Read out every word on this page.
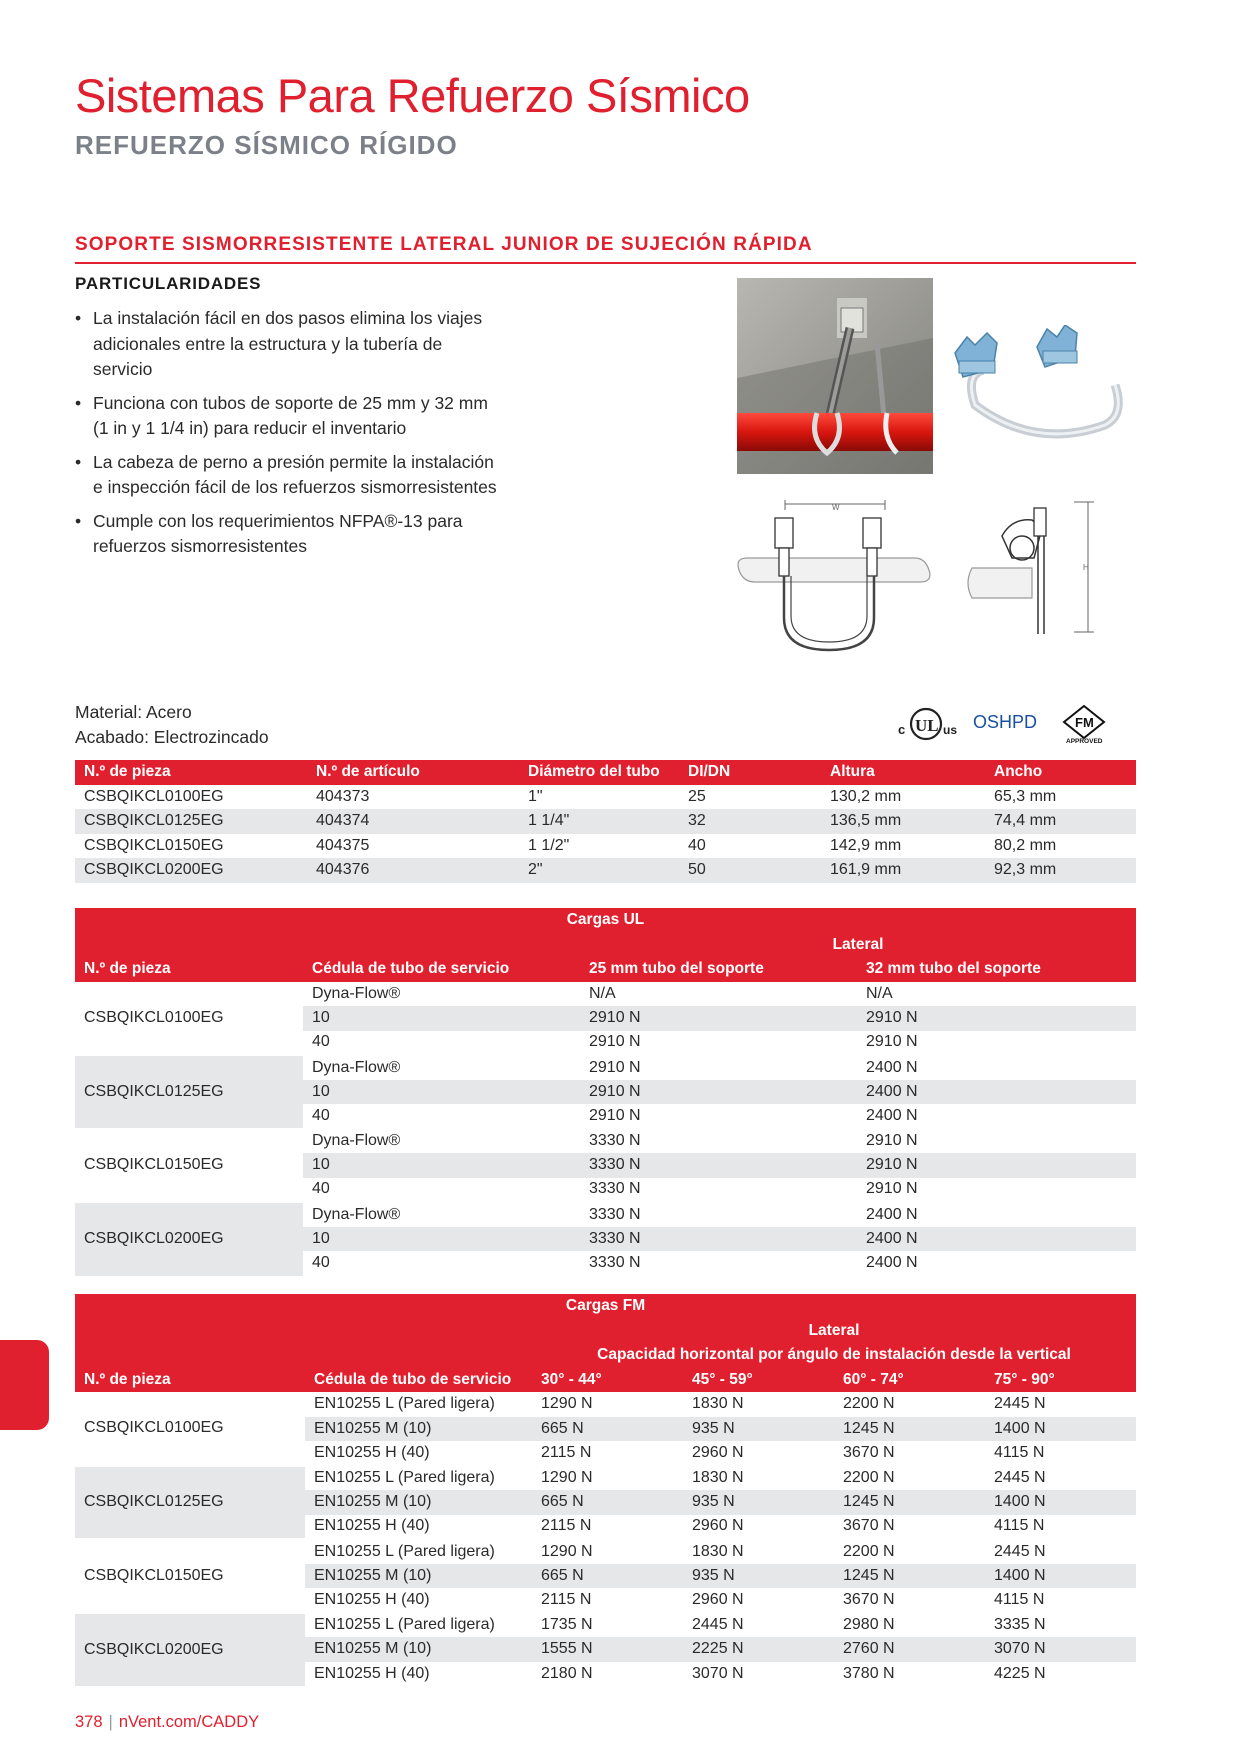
Sistemas Para Refuerzo Sísmico
REFUERZO SÍSMICO RÍGIDO
SOPORTE SISMORRESISTENTE LATERAL JUNIOR DE SUJECIÓN RÁPIDA
PARTICULARIDADES
• La instalación fácil en dos pasos elimina los viajes adicionales entre la estructura y la tubería de servicio
• Funciona con tubos de soporte de 25 mm y 32 mm (1 in y 1 1/4 in) para reducir el inventario
• La cabeza de perno a presión permite la instalación e inspección fácil de los refuerzos sismorresistentes
• Cumple con los requerimientos NFPA®-13 para refuerzos sismorresistentes
W
H
Material: Acero
Acabado: Electrozincado	c UL us OSHPD	FM
APPROVED
N.º de pieza	N.º de artículo	Diámetro del tubo	DI/DN	Altura	Ancho
CSBQIKCL0100EG	404373	1"	25	130,2 mm	65,3 mm
CSBQIKCL0125EG	404374	1 1/4"	32	136,5 mm	74,4 mm
CSBQIKCL0150EG	404375	1 1/2"	40	142,9 mm	80,2 mm
CSBQIKCL0200EG	404376	2"	50	161,9 mm	92,3 mm
Cargas UL			
		Lateral	
N.º de pieza	Cédula de tubo de servicio	25 mm tubo del soporte	32 mm tubo del soporte
CSBQIKCL0100EG	Dyna-Flow®	N/A	N/A
	10	2910 N	2910 N
	40	2910 N	2910 N
CSBQIKCL0125EG	Dyna-Flow®	2910 N	2400 N
	10	2910 N	2400 N
	40	2910 N	2400 N
CSBQIKCL0150EG	Dyna-Flow®	3330 N	2910 N
	10	3330 N	2910 N
	40	3330 N	2910 N
CSBQIKCL0200EG	Dyna-Flow®	3330 N	2400 N
	10	3330 N	2400 N
	40	3330 N	2400 N
Cargas FM					
		Lateral			
		Capacidad horizontal por ángulo de instalación desde la vertical			
N.º de pieza	Cédula de tubo de servicio	30° - 44°	45° - 59°	60° - 74°	75° - 90°
CSBQIKCL0100EG	EN10255 L (Pared ligera)	1290 N	1830 N	2200 N	2445 N
	EN10255 M (10)	665 N	935 N	1245 N	1400 N
	EN10255 H (40)	2115 N	2960 N	3670 N	4115 N
CSBQIKCL0125EG	EN10255 L (Pared ligera)	1290 N	1830 N	2200 N	2445 N
	EN10255 M (10)	665 N	935 N	1245 N	1400 N
	EN10255 H (40)	2115 N	2960 N	3670 N	4115 N
CSBQIKCL0150EG	EN10255 L (Pared ligera)	1290 N	1830 N	2200 N	2445 N
	EN10255 M (10)	665 N	935 N	1245 N	1400 N
	EN10255 H (40)	2115 N	2960 N	3670 N	4115 N
CSBQIKCL0200EG	EN10255 L (Pared ligera)	1735 N	2445 N	2980 N	3335 N
	EN10255 M (10)	1555 N	2225 N	2760 N	3070 N
	EN10255 H (40)	2180 N	3070 N	3780 N	4225 N
378 | nVent.com/CADDY
